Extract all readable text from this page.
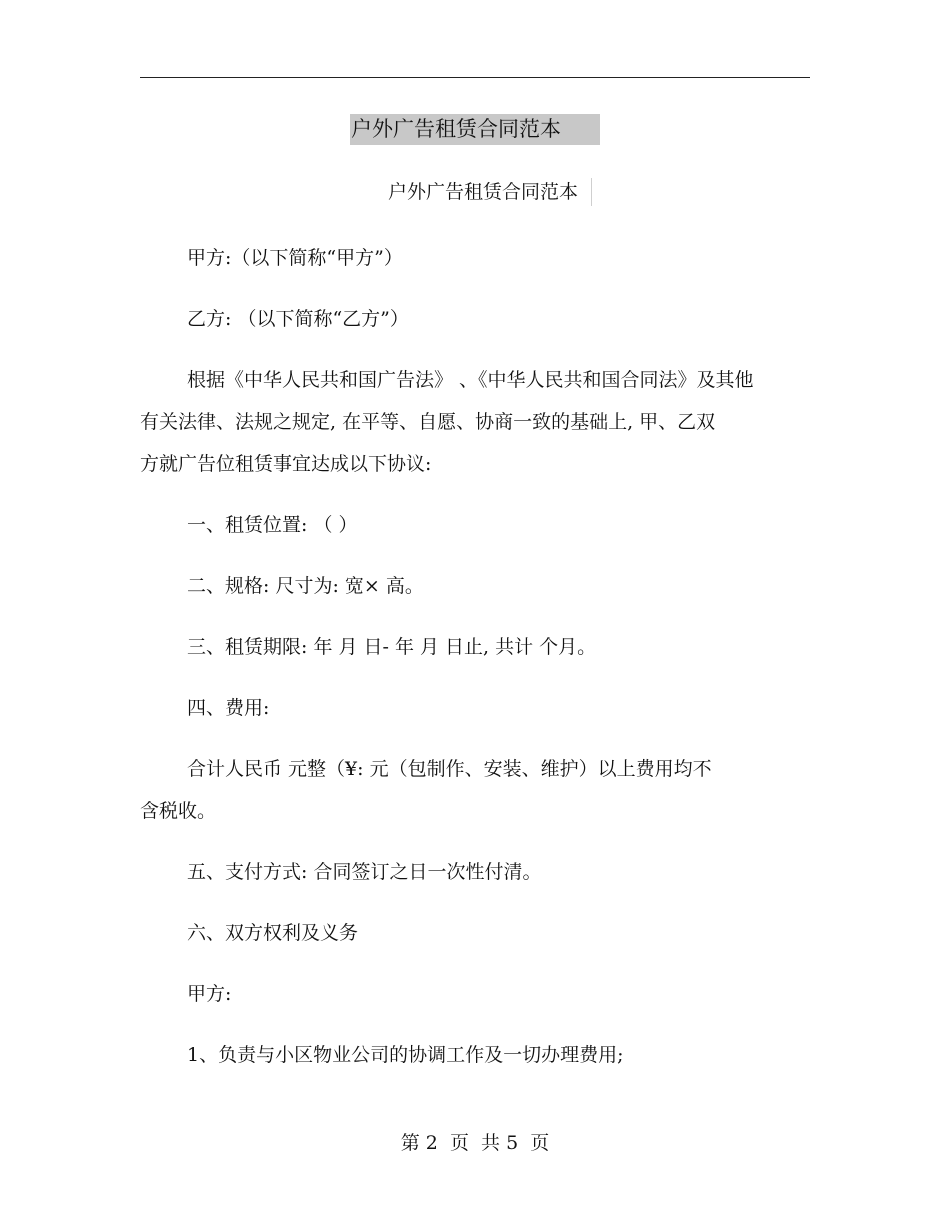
户外广告租赁合同范本
户外广告租赁合同范本
甲方:（以下简称“甲方”）
乙方: （以下简称“乙方”）
根据《中华人民共和国广告法》 、《中华人民共和国合同法》及其他
有关法律、法规之规定, 在平等、自愿、协商一致的基础上, 甲、乙双
方就广告位租赁事宜达成以下协议:
一、租赁位置: （ ）
二、规格: 尺寸为: 宽× 高。
三、租赁期限: 年 月 日- 年 月 日止, 共计 个月。
四、费用:
合计人民币 元整（¥: 元（包制作、安装、维护）以上费用均不
含税收。
五、支付方式: 合同签订之日一次性付清。
六、双方权利及义务
甲方:
1、负责与小区物业公司的协调工作及一切办理费用;
第 2  页  共 5  页
